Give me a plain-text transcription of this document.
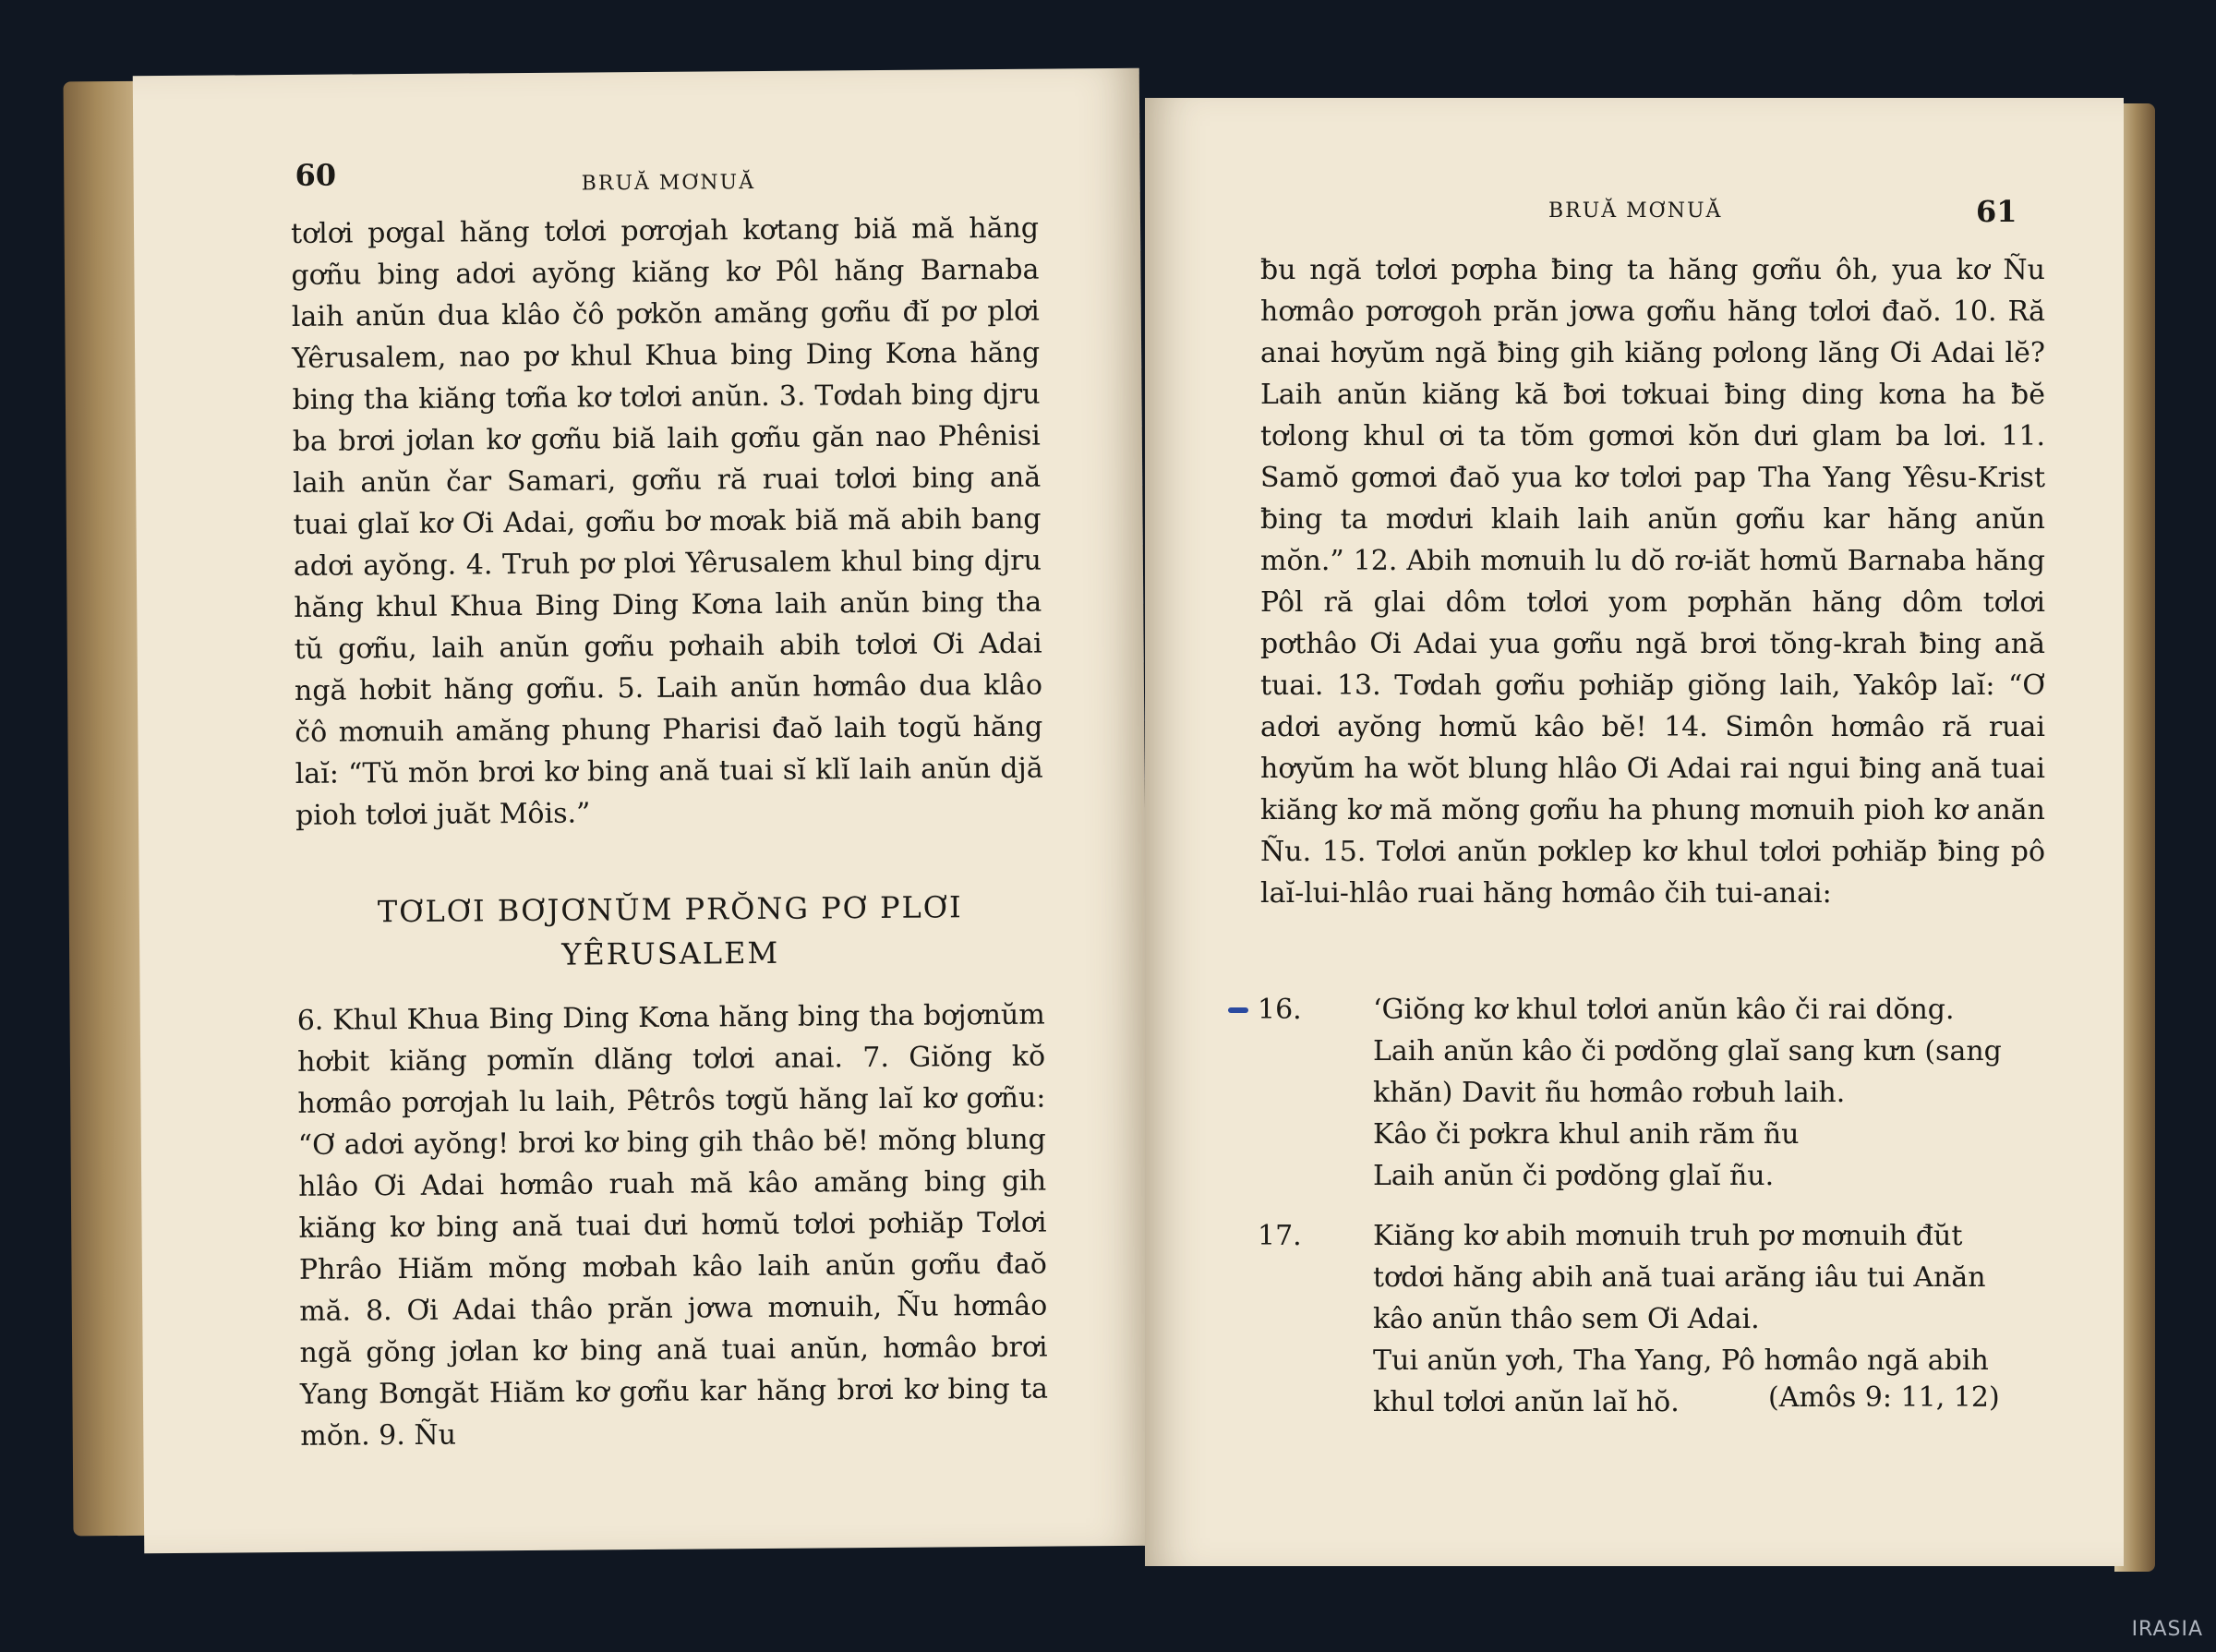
60	BRUĂ MƠNUĂ

tơlơi pơgal hăng tơlơi pơrơjah kơtang biă mă hăng gơñu bing adơi ayŏng kiăng kơ Pôl hăng Barnaba laih anŭn dua klâo čô pơkŏn amăng gơñu đĭ pơ plơi Yêrusalem, nao pơ khul Khua bing Ding Kơna hăng bing tha kiăng tơña kơ tơlơi anŭn. 3. Tơdah bing djru ba brơi jơlan kơ gơñu biă laih gơñu găn nao Phênisi laih anŭn čar Samari, gơñu ră ruai tơlơi bing ană tuai glaĭ kơ Ơi Adai, gơñu bơ mơak biă mă abih bang adơi ayŏng. 4. Truh pơ plơi Yêrusalem khul bing djru hăng khul Khua Bing Ding Kơna laih anŭn bing tha tŭ gơñu, laih anŭn gơñu pơhaih abih tơlơi Ơi Adai ngă hơbit hăng gơñu. 5. Laih anŭn hơmâo dua klâo čô mơnuih amăng phung Pharisi đaŏ laih togŭ hăng laĭ: “Tŭ mŏn brơi kơ bing ană tuai sĭ klĭ laih anŭn djă pioh tơlơi juăt Môis.”

TƠLƠI BƠJƠNŬM PRŎNG PƠ PLƠI
YÊRUSALEM

6. Khul Khua Bing Ding Kơna hăng bing tha bơjơnŭm hơbit kiăng pơmĭn dlăng tơlơi anai. 7. Giŏng kŏ hơmâo pơrơjah lu laih, Pêtrôs tơgŭ hăng laĭ kơ gơñu: “Ơ adơi ayŏng! brơi kơ bing gih thâo bĕ! mŏng blung hlâo Ơi Adai hơmâo ruah mă kâo amăng bing gih kiăng kơ bing ană tuai dưi hơmŭ tơlơi pơhiăp Tơlơi Phrâo Hiăm mŏng mơbah kâo laih anŭn gơñu đaŏ mă. 8. Ơi Adai thâo prăn jơwa mơnuih, Ñu hơmâo ngă gŏng jơlan kơ bing ană tuai anŭn, hơmâo brơi Yang Bơngăt Hiăm kơ gơñu kar hăng brơi kơ bing ta mŏn. 9. Ñu

BRUĂ MƠNUĂ	61

ƀu ngă tơlơi pơpha ƀing ta hăng gơñu ôh, yua kơ Ñu hơmâo pơrơgoh prăn jơwa gơñu hăng tơlơi đaŏ. 10. Ră anai hơyŭm ngă ƀing gih kiăng pơlong lăng Ơi Adai lĕ? Laih anŭn kiăng kă ƀơi tơkuai ƀing ding kơna ha ƀĕ tơlong khul ơi ta tŏm gơmơi kŏn dưi glam ba lơi. 11. Samŏ gơmơi đaŏ yua kơ tơlơi pap Tha Yang Yêsu-Krist ƀing ta mơdưi klaih laih anŭn gơñu kar hăng anŭn mŏn.” 12. Abih mơnuih lu dŏ rơ-iăt hơmŭ Barnaba hăng Pôl ră glai dôm tơlơi yom pơphăn hăng dôm tơlơi pơthâo Ơi Adai yua gơñu ngă brơi tŏng-krah ƀing ană tuai. 13. Tơdah gơñu pơhiăp giŏng laih, Yakôp laĭ: “Ơ adơi ayŏng hơmŭ kâo bĕ! 14. Simôn hơmâo ră ruai hơyŭm ha wŏt blung hlâo Ơi Adai rai ngui ƀing ană tuai kiăng kơ mă mŏng gơñu ha phung mơnuih pioh kơ anăn Ñu. 15. Tơlơi anŭn pơklep kơ khul tơlơi pơhiăp ƀing pô laĭ-lui-hlâo ruai hăng hơmâo čih tui-anai:

16.	‘Giŏng kơ khul tơlơi anŭn kâo či rai dŏng.
Laih anŭn kâo či pơdŏng glaĭ sang kưn (sang
khăn) Davit ñu hơmâo rơbuh laih.
Kâo či pơkra khul anih răm ñu
Laih anŭn či pơdŏng glaĭ ñu.
17.	Kiăng kơ abih mơnuih truh pơ mơnuih đŭt
tơdơi hăng abih ană tuai arăng iâu tui Anăn
kâo anŭn thâo sem Ơi Adai.
Tui anŭn yơh, Tha Yang, Pô hơmâo ngă abih
khul tơlơi anŭn laĭ hŏ.	(Amôs 9: 11, 12)
IRASIA
